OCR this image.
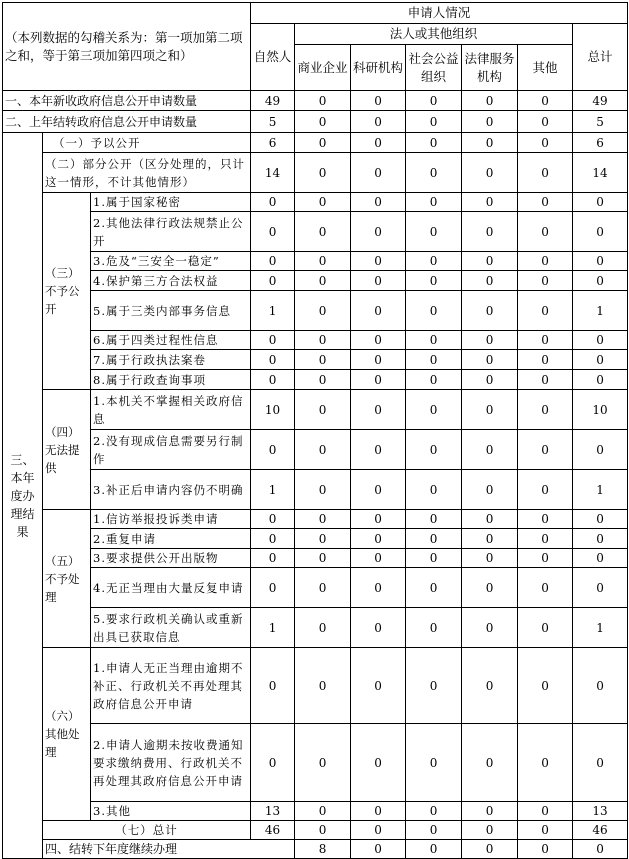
（本列数据的勾稽关系为：第一项加第二项之和，等于第三项加第四项之和）			申请人情况							
			自然人	法人或其他组织					总计	
				商业企业	科研机构	社会公益组织	法律服务机构	其他		
一、本年新收政府信息公开申请数量			49	0	0	0	0	0	49	
二、上年结转政府信息公开申请数量			5	0	0	0	0	0	5	
三、本年度办理结果	（一）予以公开		6	0	0	0	0	0	6	
	（二）部分公开（区分处理的，只计这一情形，不计其他情形）		14	0	0	0	0	0	14	
	（三）不予公开	1.属于国家秘密	0	0	0	0	0	0	0	
		2.其他法律行政法规禁止公开	0	0	0	0	0	0	0	
		3.危及“三安全一稳定”	0	0	0	0	0	0	0	
		4.保护第三方合法权益	0	0	0	0	0	0	0	
		5.属于三类内部事务信息	1	0	0	0	0	0	1	
		6.属于四类过程性信息	0	0	0	0	0	0	0	
		7.属于行政执法案卷	0	0	0	0	0	0	0	
		8.属于行政查询事项	0	0	0	0	0	0	0	
	（四）无法提供	1.本机关不掌握相关政府信息	10	0	0	0	0	0	10	
		2.没有现成信息需要另行制作	0	0	0	0	0	0	0	
		3.补正后申请内容仍不明确	1	0	0	0	0	0	1	
	（五）不予处理	1.信访举报投诉类申请	0	0	0	0	0	0	0	
		2.重复申请	0	0	0	0	0	0	0	
		3.要求提供公开出版物	0	0	0	0	0	0	0	
		4.无正当理由大量反复申请	0	0	0	0	0	0	0	
		5.要求行政机关确认或重新出具已获取信息	1	0	0	0	0	0	1	
	（六）其他处理	1.申请人无正当理由逾期不补正、行政机关不再处理其政府信息公开申请	0	0	0	0	0	0	0	
		2.申请人逾期未按收费通知要求缴纳费用、行政机关不再处理其政府信息公开申请	0	0	0	0	0	0	0	
		3.其他	13	0	0	0	0	0	13	
	（七）总计		46	0	0	0	0	0	46	
	四、结转下年度继续办理			8	0	0	0	0	0	
